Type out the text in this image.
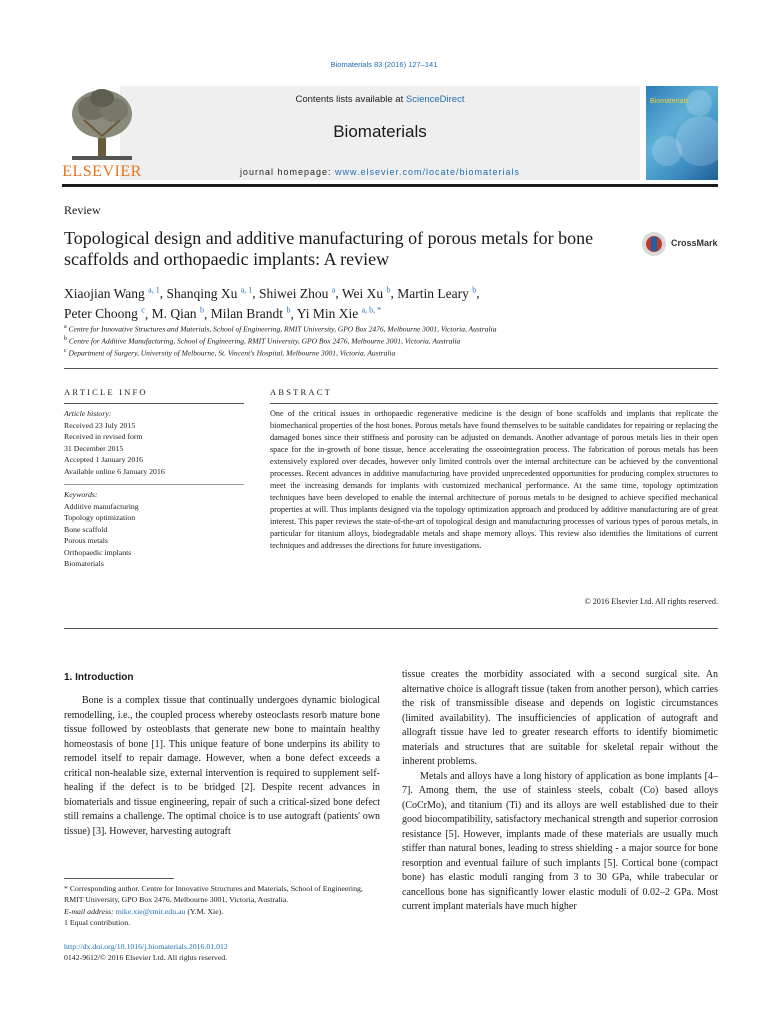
Biomaterials 83 (2016) 127–141
ELSEVIER
Contents lists available at ScienceDirect
Biomaterials
journal homepage: www.elsevier.com/locate/biomaterials
Biomaterials
Review
Topological design and additive manufacturing of porous metals for bone scaffolds and orthopaedic implants: A review
CrossMark
Xiaojian Wang $^{a, 1}$, Shanqing Xu $^{a, 1}$, Shiwei Zhou $^a$, Wei Xu $^b$, Martin Leary $^b$,
Peter Choong $^c$, M. Qian $^b$, Milan Brandt $^b$, Yi Min Xie $^{a, b, *}$
$^a$ Centre for Innovative Structures and Materials, School of Engineering, RMIT University, GPO Box 2476, Melbourne 3001, Victoria, Australia
$^b$ Centre for Additive Manufacturing, School of Engineering, RMIT University, GPO Box 2476, Melbourne 3001, Victoria, Australia
$^c$ Department of Surgery, University of Melbourne, St. Vincent's Hospital, Melbourne 3001, Victoria, Australia
ARTICLE INFO
Article history:
Received 23 July 2015
Received in revised form
31 December 2015
Accepted 1 January 2016
Available online 6 January 2016
Keywords:
Additive manufacturing
Topology optimization
Bone scaffold
Porous metals
Orthopaedic implants
Biomaterials
ABSTRACT
One of the critical issues in orthopaedic regenerative medicine is the design of bone scaffolds and implants that replicate the biomechanical properties of the host bones. Porous metals have found themselves to be suitable candidates for repairing or replacing the damaged bones since their stiffness and porosity can be adjusted on demands. Another advantage of porous metals lies in their open space for the in-growth of bone tissue, hence accelerating the osseointegration process. The fabrication of porous metals has been extensively explored over decades, however only limited controls over the internal architecture can be achieved by the conventional processes. Recent advances in additive manufacturing have provided unprecedented opportunities for producing complex structures to meet the increasing demands for implants with customized mechanical performance. At the same time, topology optimization techniques have been developed to enable the internal architecture of porous metals to be designed to achieve specified mechanical properties at will. Thus implants designed via the topology optimization approach and produced by additive manufacturing are of great interest. This paper reviews the state-of-the-art of topological design and manufacturing processes of various types of porous metals, in particular for titanium alloys, biodegradable metals and shape memory alloys. This review also identifies the limitations of current techniques and addresses the directions for future investigations.
© 2016 Elsevier Ltd. All rights reserved.
1. Introduction

Bone is a complex tissue that continually undergoes dynamic biological remodelling, i.e., the coupled process whereby osteoclasts resorb mature bone tissue followed by osteoblasts that generate new bone to maintain healthy homeostasis of bone [1]. This unique feature of bone underpins its ability to remodel itself to repair damage. However, when a bone defect exceeds a critical non-healable size, external intervention is required to supplement self-healing if the defect is to be bridged [2]. Despite recent advances in biomaterials and tissue engineering, repair of such a critical-sized bone defect still remains a challenge. The optimal choice is to use autograft (patients' own tissue) [3]. However, harvesting autograft

tissue creates the morbidity associated with a second surgical site. An alternative choice is allograft tissue (taken from another person), which carries the risk of transmissible disease and depends on logistic circumstances (limited availability). The insufficiencies of application of autograft and allograft tissue have led to greater research efforts to identify biomimetic materials and structures that are suitable for skeletal repair without the inherent problems.

Metals and alloys have a long history of application as bone implants [4–7]. Among them, the use of stainless steels, cobalt (Co) based alloys (CoCrMo), and titanium (Ti) and its alloys are well established due to their good biocompatibility, satisfactory mechanical strength and superior corrosion resistance [5]. However, implants made of these materials are usually much stiffer than natural bones, leading to stress shielding - a major source for bone resorption and eventual failure of such implants [5]. Cortical bone (compact bone) has elastic moduli ranging from 3 to 30 GPa, while trabecular or cancellous bone has significantly lower elastic moduli of 0.02–2 GPa. Most current implant materials have much higher

* Corresponding author. Centre for Innovative Structures and Materials, School of Engineering, RMIT University, GPO Box 2476, Melbourne 3001, Victoria, Australia.
E-mail address: mike.xie@rmit.edu.au (Y.M. Xie).
1 Equal contribution.
http://dx.doi.org/10.1016/j.biomaterials.2016.01.012
0142-9612/© 2016 Elsevier Ltd. All rights reserved.
